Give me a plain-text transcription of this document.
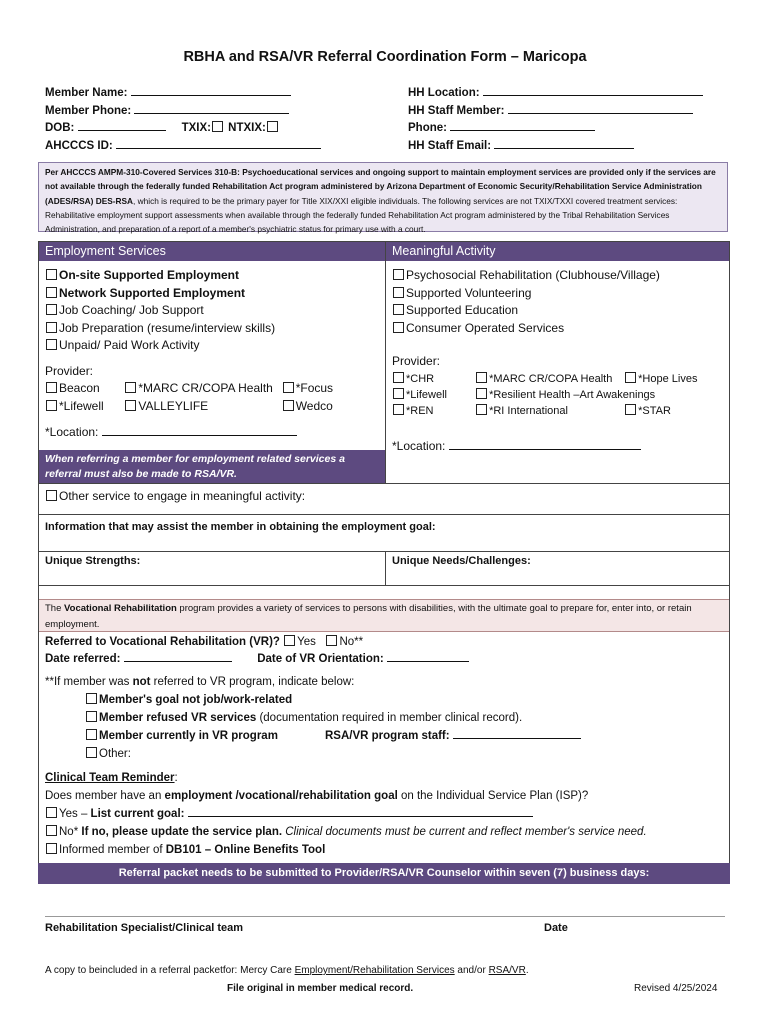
RBHA and RSA/VR Referral Coordination Form – Maricopa
Member Name:
Member Phone:
DOB:	TXIX: NTXIX:
AHCCCS ID:
HH Location:
HH Staff Member:
Phone:
HH Staff Email:
Per AHCCCS AMPM-310-Covered Services 310-B: Psychoeducational services and ongoing support to maintain employment services are provided only if the services are not available through the federally funded Rehabilitation Act program administered by Arizona Department of Economic Security/Rehabilitation Service Administration (ADES/RSA) DES-RSA, which is required to be the primary payer for Title XIX/XXI eligible individuals. The following services are not TXIX/TXXI covered treatment services: Rehabilitative employment support assessments when available through the federally funded Rehabilitation Act program administered by the Tribal Rehabilitation Services Administration, and preparation of a report of a member's psychiatric status for primary use with a court.
Employment Services	Meaningful Activity
On-site Supported Employment
Network Supported Employment
Job Coaching/ Job Support
Job Preparation (resume/interview skills)
Unpaid/ Paid Work Activity
Provider:
Beacon	*MARC CR/COPA Health *Focus
*Lifewell	VALLEYLIFE	Wedco
*Location:
When referring a member for employment related services a referral must also be made to RSA/VR.
Psychosocial Rehabilitation (Clubhouse/Village)
Supported Volunteering
Supported Education
Consumer Operated Services
Provider:
*CHR	*MARC CR/COPA Health *Hope Lives
*Lifewell	*Resilient Health –Art Awakenings
*REN	*RI International	*STAR
*Location:
Other service to engage in meaningful activity:
Information that may assist the member in obtaining the employment goal:
Unique Strengths:	Unique Needs/Challenges:
The Vocational Rehabilitation program provides a variety of services to persons with disabilities, with the ultimate goal to prepare for, enter into, or retain employment.
Referred to Vocational Rehabilitation (VR)? Yes No**
Date referred:	Date of VR Orientation:
**If member was not referred to VR program, indicate below:
Member's goal not job/work-related
Member refused VR services (documentation required in member clinical record).
Member currently in VR program	RSA/VR program staff:
Other:
Clinical Team Reminder:
Does member have an employment /vocational/rehabilitation goal on the Individual Service Plan (ISP)?
Yes – List current goal:
No* If no, please update the service plan. Clinical documents must be current and reflect member's service need.
Informed member of DB101 – Online Benefits Tool
Referral packet needs to be submitted to Provider/RSA/VR Counselor within seven (7) business days:
Rehabilitation Specialist/Clinical team	Date
A copy to beincluded in a referral packetfor: Mercy Care Employment/Rehabilitation Services and/or RSA/VR.
File original in member medical record.	Revised 4/25/2024
